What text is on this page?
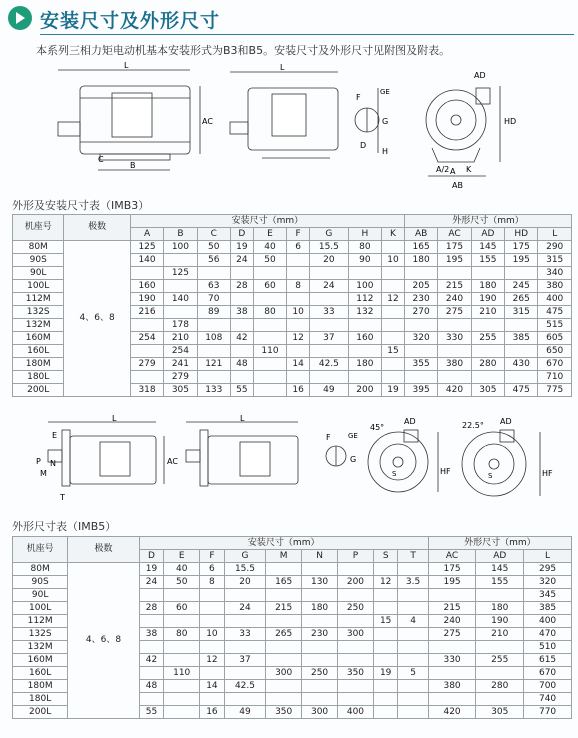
安装尺寸及外形尺寸
本系列三相力矩电动机基本安装形式为B3和B5。安装尺寸及外形尺寸见附图及附表。
L
AC
C
B
L
F
GE
G
D
H
AD
HD
A/2 K
A
AB
外形及安装尺寸表（IMB3）
机座号	极数	安装尺寸（mm）									外形尺寸（mm）				
		A	B	C	D	E	F	G	H	K	AB	AC	AD	HD	L
80M	4、6、8	125	100	50	19	40	6	15.5	80		165	175	145	175	290
90S		140		56	24	50		20	90	10	180	195	155	195	315
90L			125												340
100L		160		63	28	60	8	24	100		205	215	180	245	380
112M		190	140	70					112	12	230	240	190	265	400
132S		216		89	38	80	10	33	132		270	275	210	315	475
132M			178												515
160M		254	210	108	42		12	37	160		320	330	255	385	605
160L			254			110				15					650
180M		279	241	121	48		14	42.5	180		355	380	280	430	670
180L			279												710
200L		318	305	133	55		16	49	200	19	395	420	305	475	775
L
E
AC
P N
M
T
L
F GE
G
45°
AD
S	HF
22.5° AD
S	HF
外形尺寸表（IMB5）
机座号	极数	安装尺寸（mm）									外形尺寸（mm）		
		D	E	F	G	M	N	P	S	T	AC	AD	L
80M	4、6、8	19	40	6	15.5						175	145	295
90S		24	50	8	20	165	130	200	12	3.5	195	155	320
90L													345
100L		28	60		24	215	180	250			215	180	385
112M									15	4	240	190	400
132S		38	80	10	33	265	230	300			275	210	470
132M													510
160M		42		12	37						330	255	615
160L			110			300	250	350	19	5			670
180M		48		14	42.5						380	280	700
180L													740
200L		55		16	49	350	300	400			420	305	770
